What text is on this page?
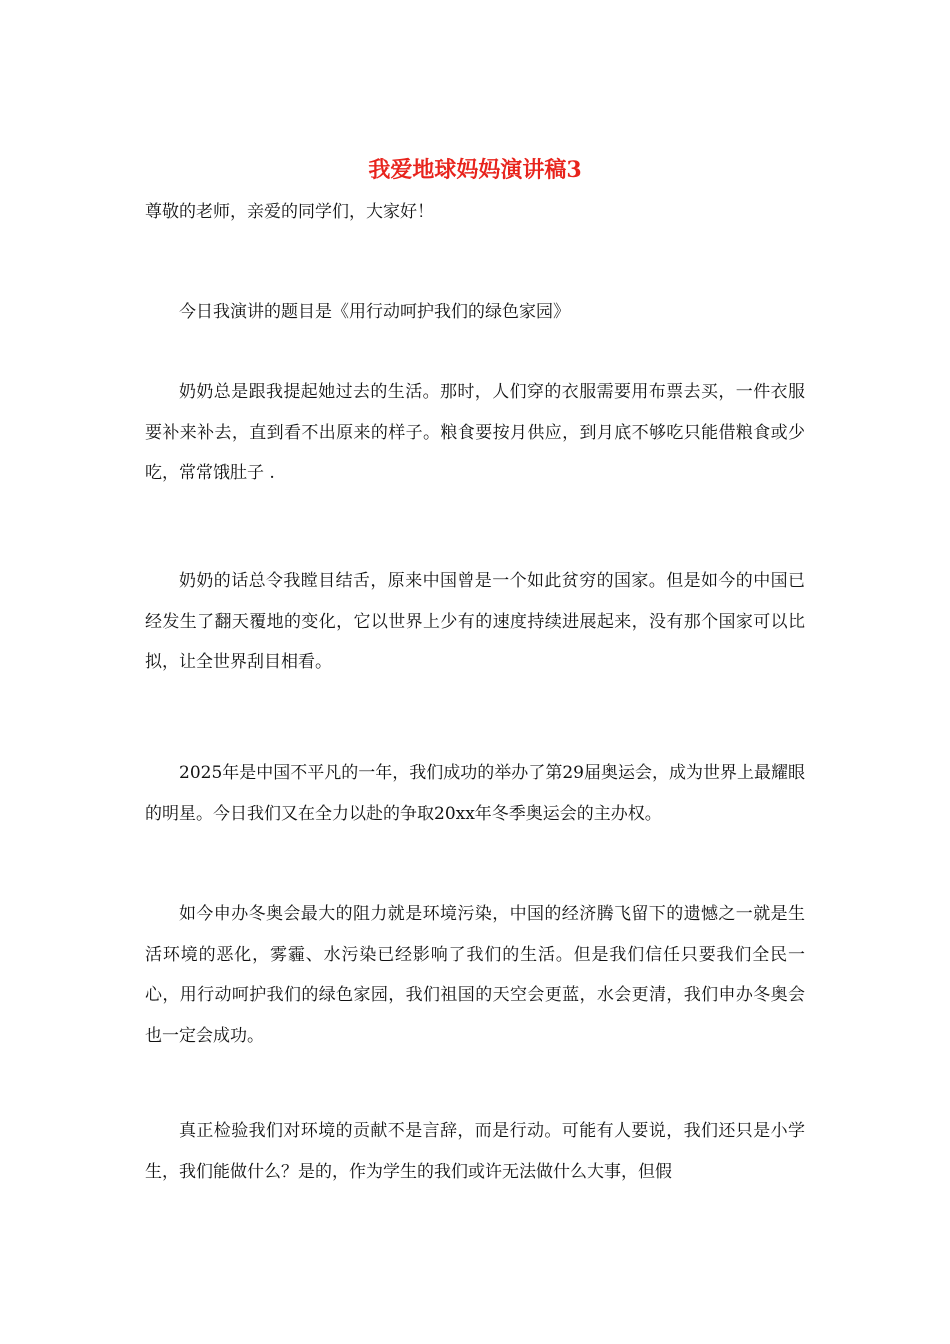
我爱地球妈妈演讲稿3

尊敬的老师，亲爱的同学们，大家好！

今日我演讲的题目是《用行动呵护我们的绿色家园》

奶奶总是跟我提起她过去的生活。那时，人们穿的衣服需要用布票去买，一件衣服要补来补去，直到看不出原来的样子。粮食要按月供应，到月底不够吃只能借粮食或少吃，常常饿肚子 .

奶奶的话总令我瞠目结舌，原来中国曾是一个如此贫穷的国家。但是如今的中国已经发生了翻天覆地的变化，它以世界上少有的速度持续进展起来，没有那个国家可以比拟，让全世界刮目相看。

2025年是中国不平凡的一年，我们成功的举办了第29届奥运会，成为世界上最耀眼的明星。今日我们又在全力以赴的争取20xx年冬季奥运会的主办权。

如今申办冬奥会最大的阻力就是环境污染，中国的经济腾飞留下的遗憾之一就是生活环境的恶化，雾霾、水污染已经影响了我们的生活。但是我们信任只要我们全民一心，用行动呵护我们的绿色家园，我们祖国的天空会更蓝，水会更清，我们申办冬奥会也一定会成功。

真正检验我们对环境的贡献不是言辞，而是行动。可能有人要说，我们还只是小学生，我们能做什么？是的，作为学生的我们或许无法做什么大事，但假
